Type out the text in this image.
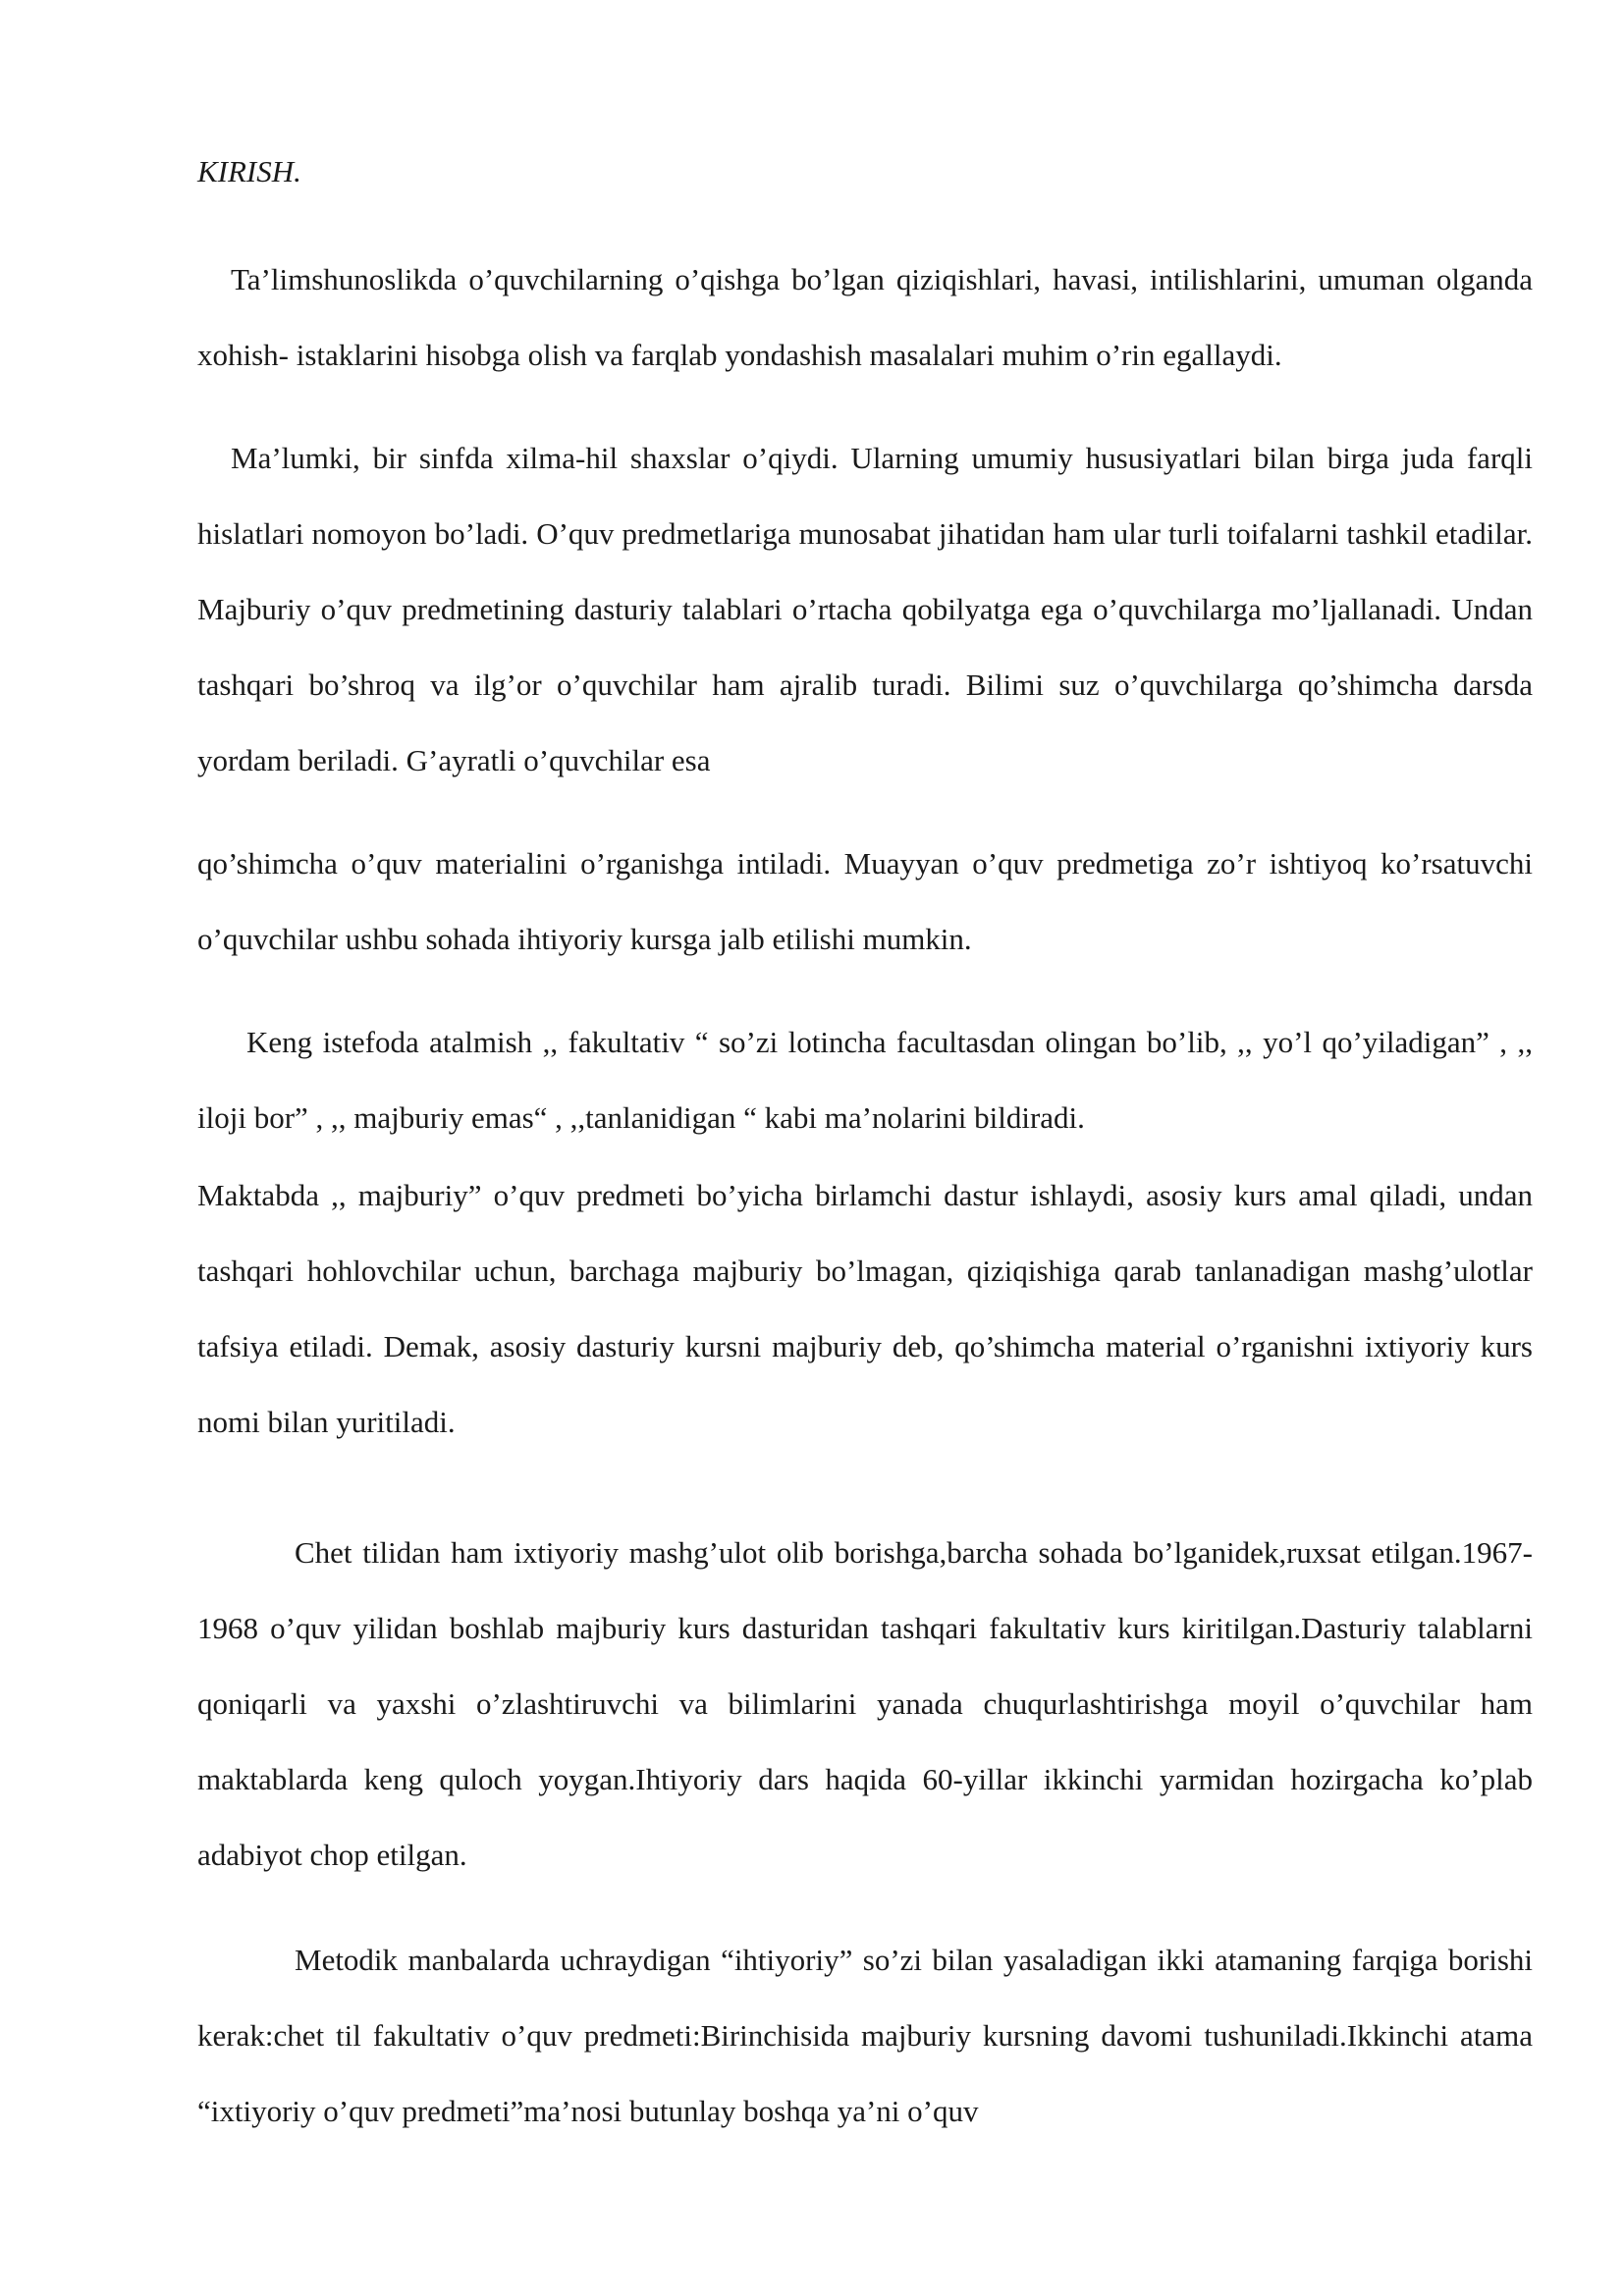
KIRISH.

Ta’limshunoslikda o’quvchilarning o’qishga bo’lgan qiziqishlari, havasi, intilishlarini, umuman olganda xohish- istaklarini hisobga olish va farqlab yondashish masalalari muhim o’rin egallaydi.

Ma’lumki, bir sinfda xilma-hil shaxslar o’qiydi. Ularning umumiy hususiyatlari bilan birga juda farqli hislatlari nomoyon bo’ladi. O’quv predmetlariga munosabat jihatidan ham ular turli toifalarni tashkil etadilar. Majburiy o’quv predmetining dasturiy talablari o’rtacha qobilyatga ega o’quvchilarga mo’ljallanadi. Undan tashqari bo’shroq va ilg’or o’quvchilar ham ajralib turadi. Bilimi suz o’quvchilarga qo’shimcha darsda yordam beriladi. G’ayratli o’quvchilar esa

qo’shimcha o’quv materialini o’rganishga intiladi. Muayyan o’quv predmetiga zo’r ishtiyoq ko’rsatuvchi o’quvchilar ushbu sohada ihtiyoriy kursga jalb etilishi mumkin.

Keng istefoda atalmish ,, fakultativ “ so’zi lotincha facultasdan olingan bo’lib, ,, yo’l qo’yiladigan” , ,, iloji bor” , ,, majburiy emas“ , ,,tanlanidigan “ kabi ma’nolarini bildiradi.

Maktabda ,, majburiy” o’quv predmeti bo’yicha birlamchi dastur ishlaydi, asosiy kurs amal qiladi, undan tashqari hohlovchilar uchun, barchaga majburiy bo’lmagan, qiziqishiga qarab tanlanadigan mashg’ulotlar tafsiya etiladi. Demak, asosiy dasturiy kursni majburiy deb, qo’shimcha material o’rganishni ixtiyoriy kurs nomi bilan yuritiladi.

Chet tilidan ham ixtiyoriy mashg’ulot olib borishga,barcha sohada bo’lganidek,ruxsat etilgan.1967-1968 o’quv yilidan boshlab majburiy kurs dasturidan tashqari fakultativ kurs kiritilgan.Dasturiy talablarni qoniqarli va yaxshi o’zlashtiruvchi va bilimlarini yanada chuqurlashtirishga moyil o’quvchilar ham maktablarda keng quloch yoygan.Ihtiyoriy dars haqida 60-yillar ikkinchi yarmidan hozirgacha ko’plab adabiyot chop etilgan.

Metodik manbalarda uchraydigan “ihtiyoriy” so’zi bilan yasaladigan ikki atamaning farqiga borishi kerak:chet til fakultativ o’quv predmeti:Birinchisida majburiy kursning davomi tushuniladi.Ikkinchi atama “ixtiyoriy o’quv predmeti”ma’nosi butunlay boshqa ya’ni o’quv
